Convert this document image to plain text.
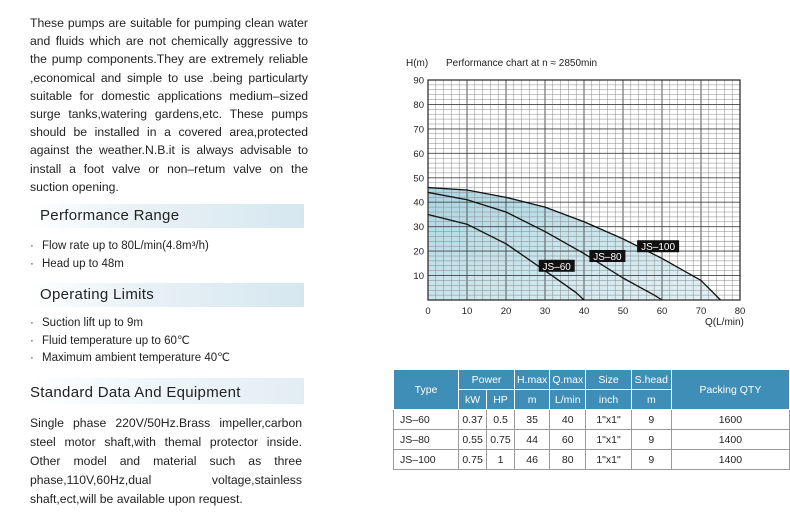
These pumps are suitable for pumping clean water and fluids which are not chemically aggressive to the pump components.They are extremely reliable ,economical and simple to use .being particularty suitable for domestic applications medium–sized surge tanks,watering gardens,etc. These pumps should be installed in a covered area,protected against the weather.N.B.it is always advisable to install a foot valve or non–retum valve on the suction opening.

Performance Range
· Flow rate up to 80L/min(4.8m³/h)
· Head up to 48m
Operating Limits
· Suction lift up to 9m
· Fluid temperature up to 60℃
· Maximum ambient temperature 40℃
Standard Data And Equipment

Single phase 220V/50Hz.Brass impeller,carbon steel motor shaft,with themal protector inside. Other model and material such as three phase,110V,60Hz,dual voltage,stainless shaft,ect,will be available upon request.

0	10	20	30	40	50	60	70	80
10
20
30
40
50
60
70
80
90
JS–60
JS–80
JS–100
H(m) Performance chart at n ≈ 2850min
Q(L/min)
Type	Power		H.max	Q.max	Size	S.head	Packing QTY
	kW	HP	m	L/min	inch	m	
JS–60	0.37	0.5	35	40	1"x1"	9	1600
JS–80	0.55	0.75	44	60	1"x1"	9	1400
JS–100	0.75	1	46	80	1"x1"	9	1400
